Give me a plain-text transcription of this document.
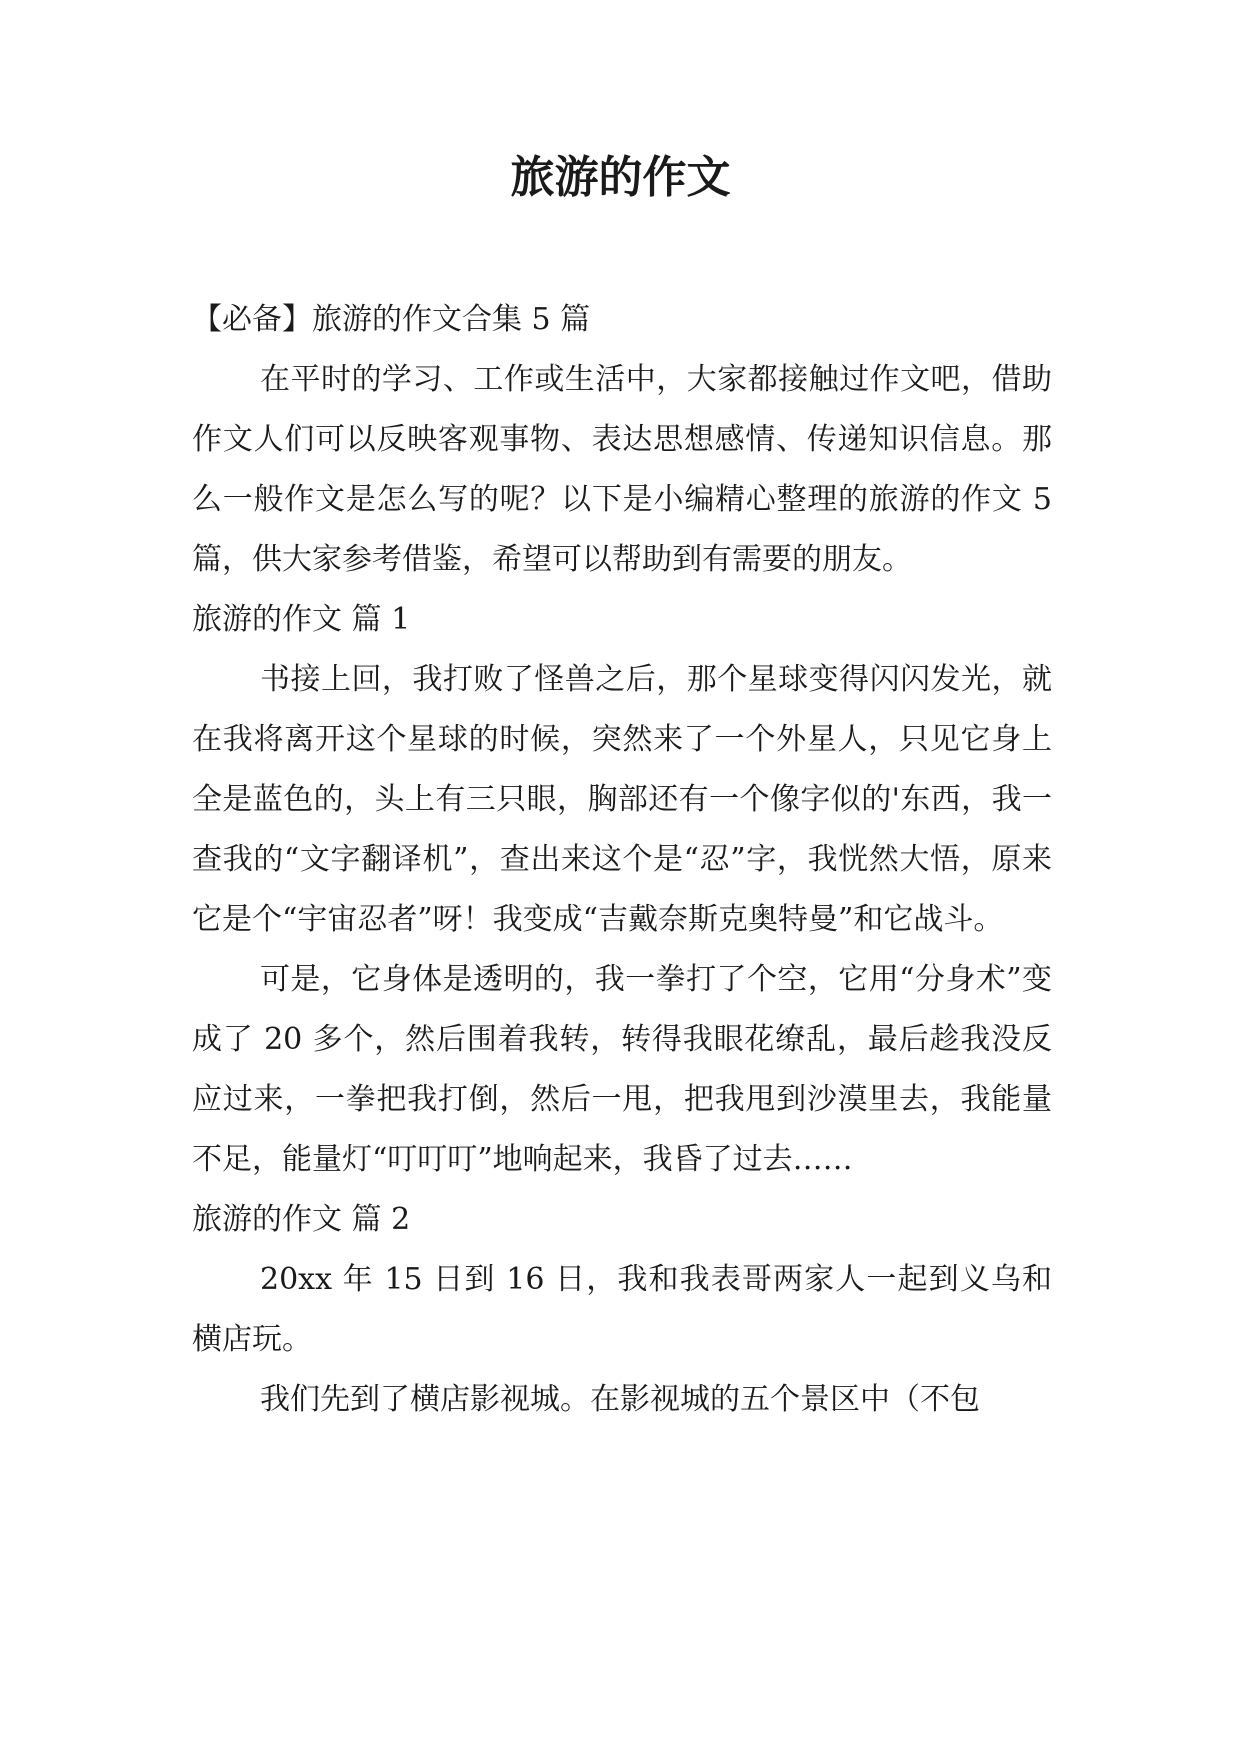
旅游的作文

【必备】旅游的作文合集 5 篇

在平时的学习、工作或生活中，大家都接触过作文吧，借助作文人们可以反映客观事物、表达思想感情、传递知识信息。那么一般作文是怎么写的呢？以下是小编精心整理的旅游的作文 5 篇，供大家参考借鉴，希望可以帮助到有需要的朋友。

旅游的作文 篇 1

书接上回，我打败了怪兽之后，那个星球变得闪闪发光，就在我将离开这个星球的时候，突然来了一个外星人，只见它身上全是蓝色的，头上有三只眼，胸部还有一个像字似的'东西，我一查我的“文字翻译机”，查出来这个是“忍”字，我恍然大悟，原来它是个“宇宙忍者”呀！我变成“吉戴奈斯克奥特曼”和它战斗。

可是，它身体是透明的，我一拳打了个空，它用“分身术”变成了 20 多个，然后围着我转，转得我眼花缭乱，最后趁我没反应过来，一拳把我打倒，然后一甩，把我甩到沙漠里去，我能量不足，能量灯“叮叮叮”地响起来，我昏了过去……

旅游的作文 篇 2

20xx 年 15 日到 16 日，我和我表哥两家人一起到义乌和横店玩。

我们先到了横店影视城。在影视城的五个景区中（不包
